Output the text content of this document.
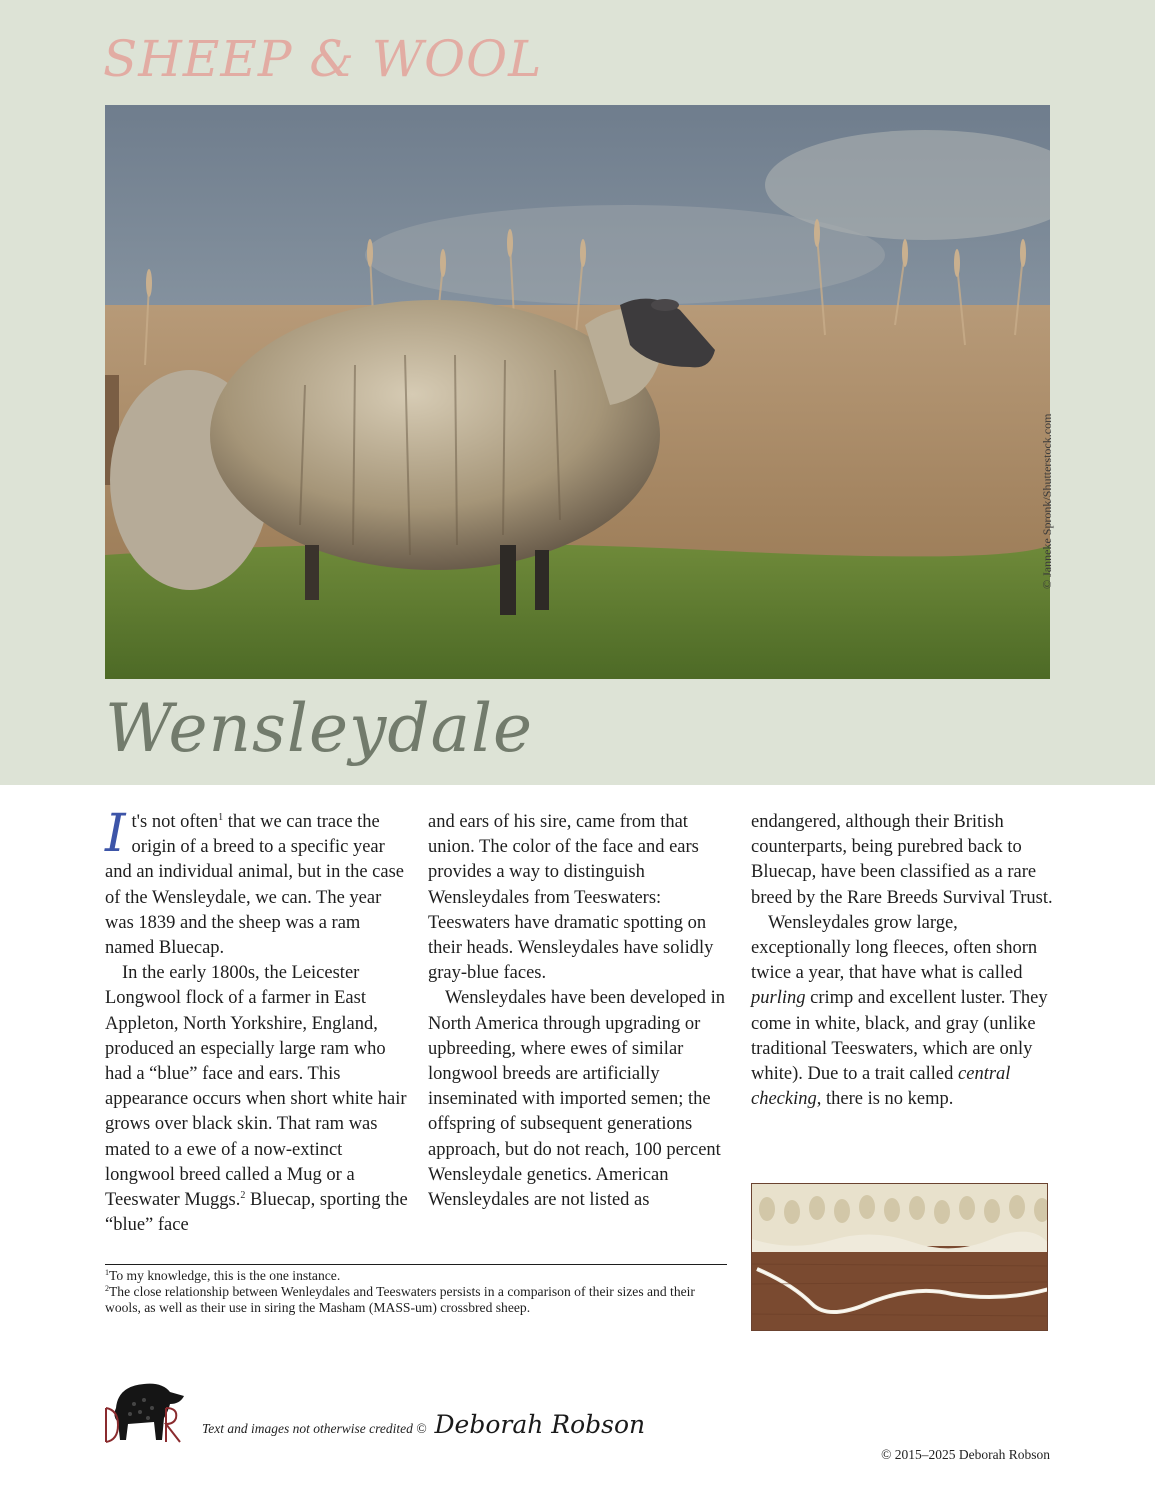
SHEEP & WOOL
© Janneke Spronk/Shutterstock.com
Wensleydale

It's not often$^1$ that we can trace the origin of a breed to a specific year and an individual animal, but in the case of the Wensleydale, we can. The year was 1839 and the sheep was a ram named Bluecap.

In the early 1800s, the Leicester Longwool flock of a farmer in East Appleton, North Yorkshire, England, produced an especially large ram who had a “blue” face and ears. This appearance occurs when short white hair grows over black skin. That ram was mated to a ewe of a now-extinct longwool breed called a Mug or a Teeswater Muggs.$^2$ Bluecap, sporting the “blue” face

and ears of his sire, came from that union. The color of the face and ears provides a way to distinguish Wensleydales from Teeswaters: Teeswaters have dramatic spotting on their heads. Wensleydales have solidly gray-blue faces.

Wensleydales have been developed in North America through upgrading or upbreeding, where ewes of similar longwool breeds are artificially inseminated with imported semen; the offspring of subsequent generations approach, but do not reach, 100 percent Wensleydale genetics. American Wensleydales are not listed as

endangered, although their British counterparts, being purebred back to Bluecap, have been classified as a rare breed by the Rare Breeds Survival Trust.

Wensleydales grow large, exceptionally long fleeces, often shorn twice a year, that have what is called purling crimp and excellent luster. They come in white, black, and gray (unlike traditional Teeswaters, which are only white). Due to a trait called central checking, there is no kemp.

$^1$To my knowledge, this is the one instance.

$^2$The close relationship between Wenleydales and Teeswaters persists in a comparison of their sizes and their wools, as well as their use in siring the Masham (MASS-um) crossbred sheep.

Text and images not otherwise credited © Deborah Robson
© 2015–2025 Deborah Robson
